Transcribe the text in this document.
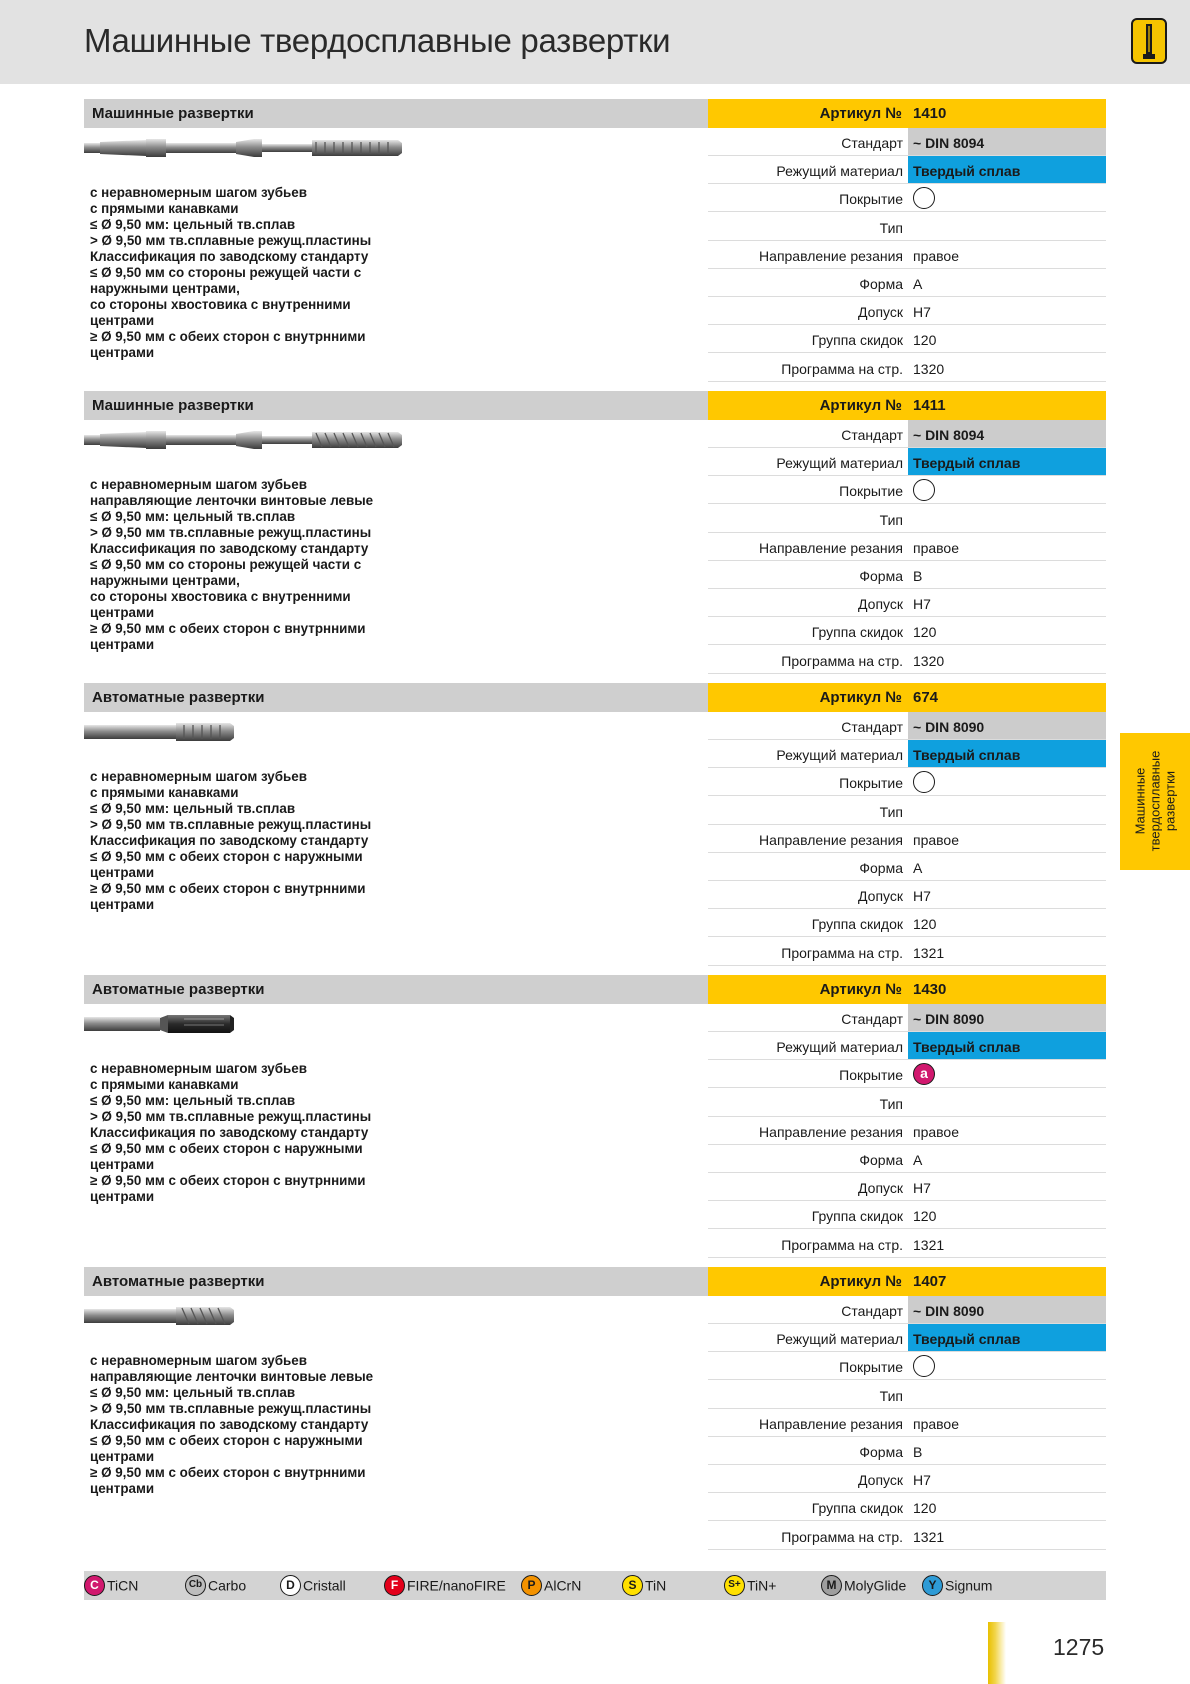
Машинные твердосплавные развертки
Машинные развертки	Артикул № 1410
с неравномерным шагом зубьев
с прямыми канавками
≤ Ø 9,50 мм: цельный тв.сплав
> Ø 9,50 мм тв.сплавные режущ.пластины
Классификация по заводскому стандарту
≤ Ø 9,50 мм со стороны режущей части с
наружными центрами,
со стороны хвостовика с внутренними
центрами
≥ Ø 9,50 мм с обеих сторон с внутрнними
центрами
Стандарт ~ DIN 8094
Режущий материал Твердый сплав
Покрытие
Тип
Направление резания правое
Форма A
Допуск H7
Группа скидок 120
Программа на стр. 1320
Машинные развертки	Артикул № 1411
с неравномерным шагом зубьев
направляющие ленточки винтовые левые
≤ Ø 9,50 мм: цельный тв.сплав
> Ø 9,50 мм тв.сплавные режущ.пластины
Классификация по заводскому стандарту
≤ Ø 9,50 мм со стороны режущей части с
наружными центрами,
со стороны хвостовика с внутренними
центрами
≥ Ø 9,50 мм с обеих сторон с внутрнними
центрами
Стандарт ~ DIN 8094
Режущий материал Твердый сплав
Покрытие
Тип
Направление резания правое
Форма B
Допуск H7
Группа скидок 120
Программа на стр. 1320
Автоматные развертки	Артикул № 674
с неравномерным шагом зубьев
с прямыми канавками
≤ Ø 9,50 мм: цельный тв.сплав
> Ø 9,50 мм тв.сплавные режущ.пластины
Классификация по заводскому стандарту
≤ Ø 9,50 мм с обеих сторон с наружными
центрами
≥ Ø 9,50 мм с обеих сторон с внутрнними
центрами
Стандарт ~ DIN 8090
Режущий материал Твердый сплав
Покрытие
Тип
Направление резания правое
Форма A
Допуск H7
Группа скидок 120
Программа на стр. 1321
Автоматные развертки	Артикул № 1430
с неравномерным шагом зубьев
с прямыми канавками
≤ Ø 9,50 мм: цельный тв.сплав
> Ø 9,50 мм тв.сплавные режущ.пластины
Классификация по заводскому стандарту
≤ Ø 9,50 мм с обеих сторон с наружными
центрами
≥ Ø 9,50 мм с обеих сторон с внутрнними
центрами
Стандарт ~ DIN 8090
Режущий материал Твердый сплав
Покрытие	a
Тип
Направление резания правое
Форма A
Допуск H7
Группа скидок 120
Программа на стр. 1321
Автоматные развертки	Артикул № 1407
с неравномерным шагом зубьев
направляющие ленточки винтовые левые
≤ Ø 9,50 мм: цельный тв.сплав
> Ø 9,50 мм тв.сплавные режущ.пластины
Классификация по заводскому стандарту
≤ Ø 9,50 мм с обеих сторон с наружными
центрами
≥ Ø 9,50 мм с обеих сторон с внутрнними
центрами
Стандарт ~ DIN 8090
Режущий материал Твердый сплав
Покрытие
Тип
Направление резания правое
Форма B
Допуск H7
Группа скидок 120
Программа на стр. 1321
Машинные твердосплавные развертки
C TiCN	Cb Carbo	D Cristall	F FIRE/nanoFIRE	P AlCrN	S TiN	S+ TiN+	M MolyGlide	Y Signum
1275
